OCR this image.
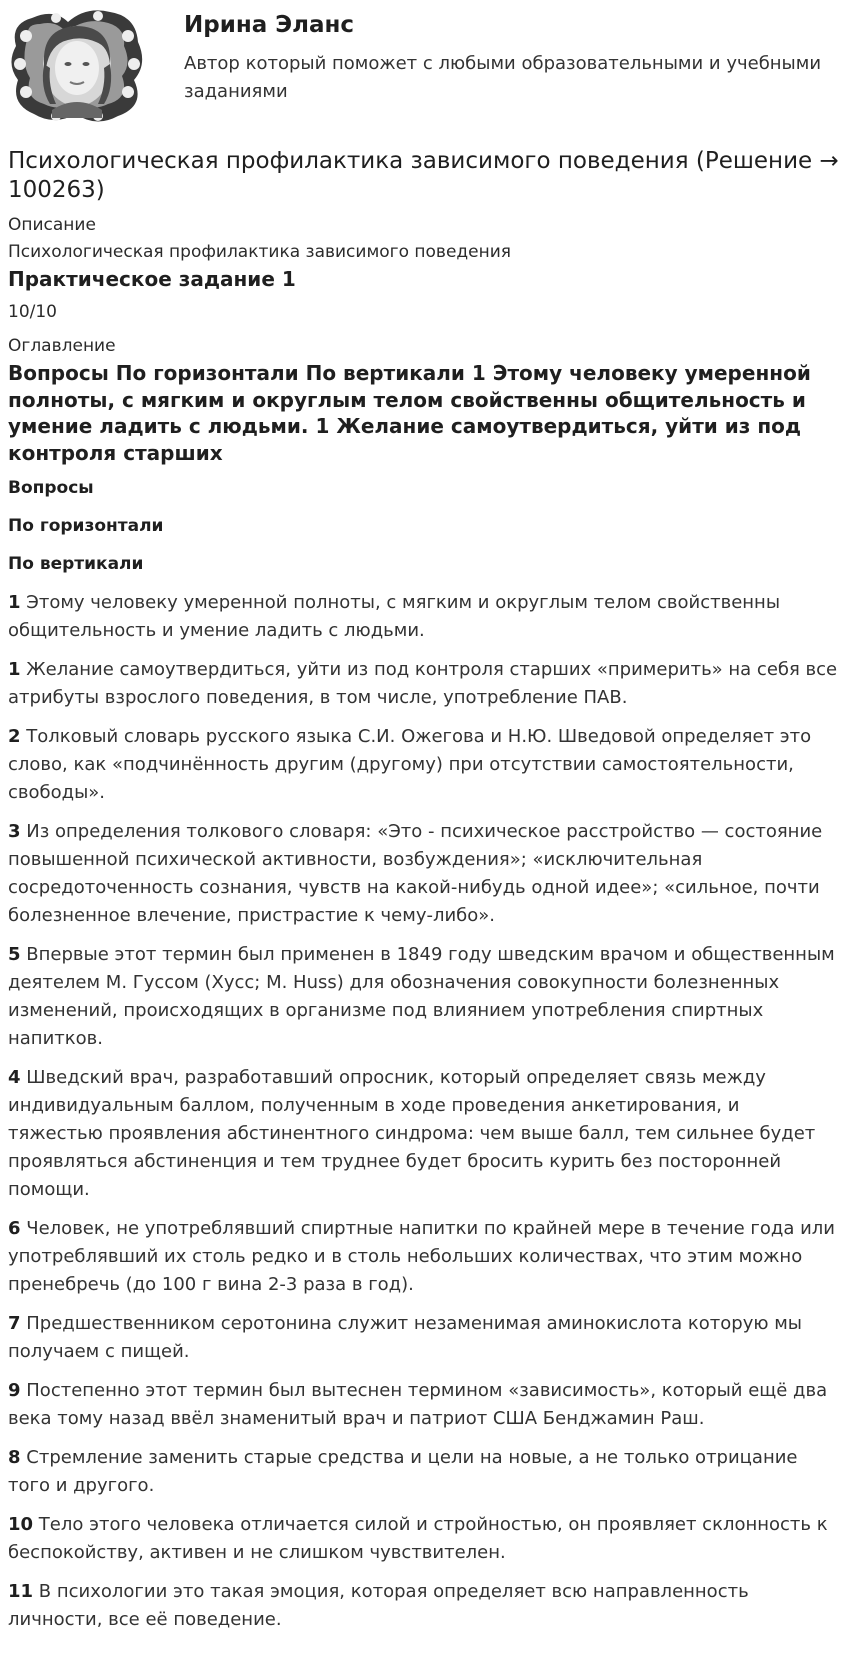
Ирина Эланс
Автор который поможет с любыми образовательными и учебными заданиями
Психологическая профилактика зависимого поведения (Решение → 100263)
Описание
Психологическая профилактика зависимого поведения
Практическое задание 1
10/10
Оглавление
Вопросы По горизонтали По вертикали 1 Этому человеку умеренной полноты, с мягким и округлым телом свойственны общительность и умение ладить с людьми. 1 Желание самоутвердиться, уйти из под контроля старших
Вопросы
По горизонтали
По вертикали

1 Этому человеку умеренной полноты, с мягким и округлым телом свойственны общительность и умение ладить с людьми.

1 Желание самоутвердиться, уйти из под контроля старших «примерить» на себя все атрибуты взрослого поведения, в том числе, употребление ПАВ.

2 Толковый словарь русского языка С.И. Ожегова и Н.Ю. Шведовой определяет это слово, как «подчинённость другим (другому) при отсутствии самостоятельности, свободы».

3 Из определения толкового словаря: «Это - психическое расстройство — состояние повышенной психической активности, возбуждения»; «исключительная сосредоточенность сознания, чувств на какой-нибудь одной идее»; «сильное, почти болезненное влечение, пристрастие к чему-либо».

5 Впервые этот термин был применен в 1849 году шведским врачом и общественным деятелем М. Гуссом (Хусс; M. Huss) для обозначения совокупности болезненных изменений, происходящих в организме под влиянием употребления спиртных напитков.

4 Шведский врач, разработавший опросник, который определяет связь между индивидуальным баллом, полученным в ходе проведения анкетирования, и тяжестью проявления абстинентного синдрома: чем выше балл, тем сильнее будет проявляться абстиненция и тем труднее будет бросить курить без посторонней помощи.

6 Человек, не употреблявший спиртные напитки по крайней мере в течение года или употреблявший их столь редко и в столь небольших количествах, что этим можно пренебречь (до 100 г вина 2-3 раза в год).

7 Предшественником серотонина служит незаменимая аминокислота которую мы получаем с пищей.

9 Постепенно этот термин был вытеснен термином «зависимость», который ещё два века тому назад ввёл знаменитый врач и патриот США Бенджамин Раш.

8 Стремление заменить старые средства и цели на новые, а не только отрицание того и другого.

10 Тело этого человека отличается силой и стройностью, он проявляет склонность к беспокойству, активен и не слишком чувствителен.

11 В психологии это такая эмоция, которая определяет всю направленность личности, все её поведение.
